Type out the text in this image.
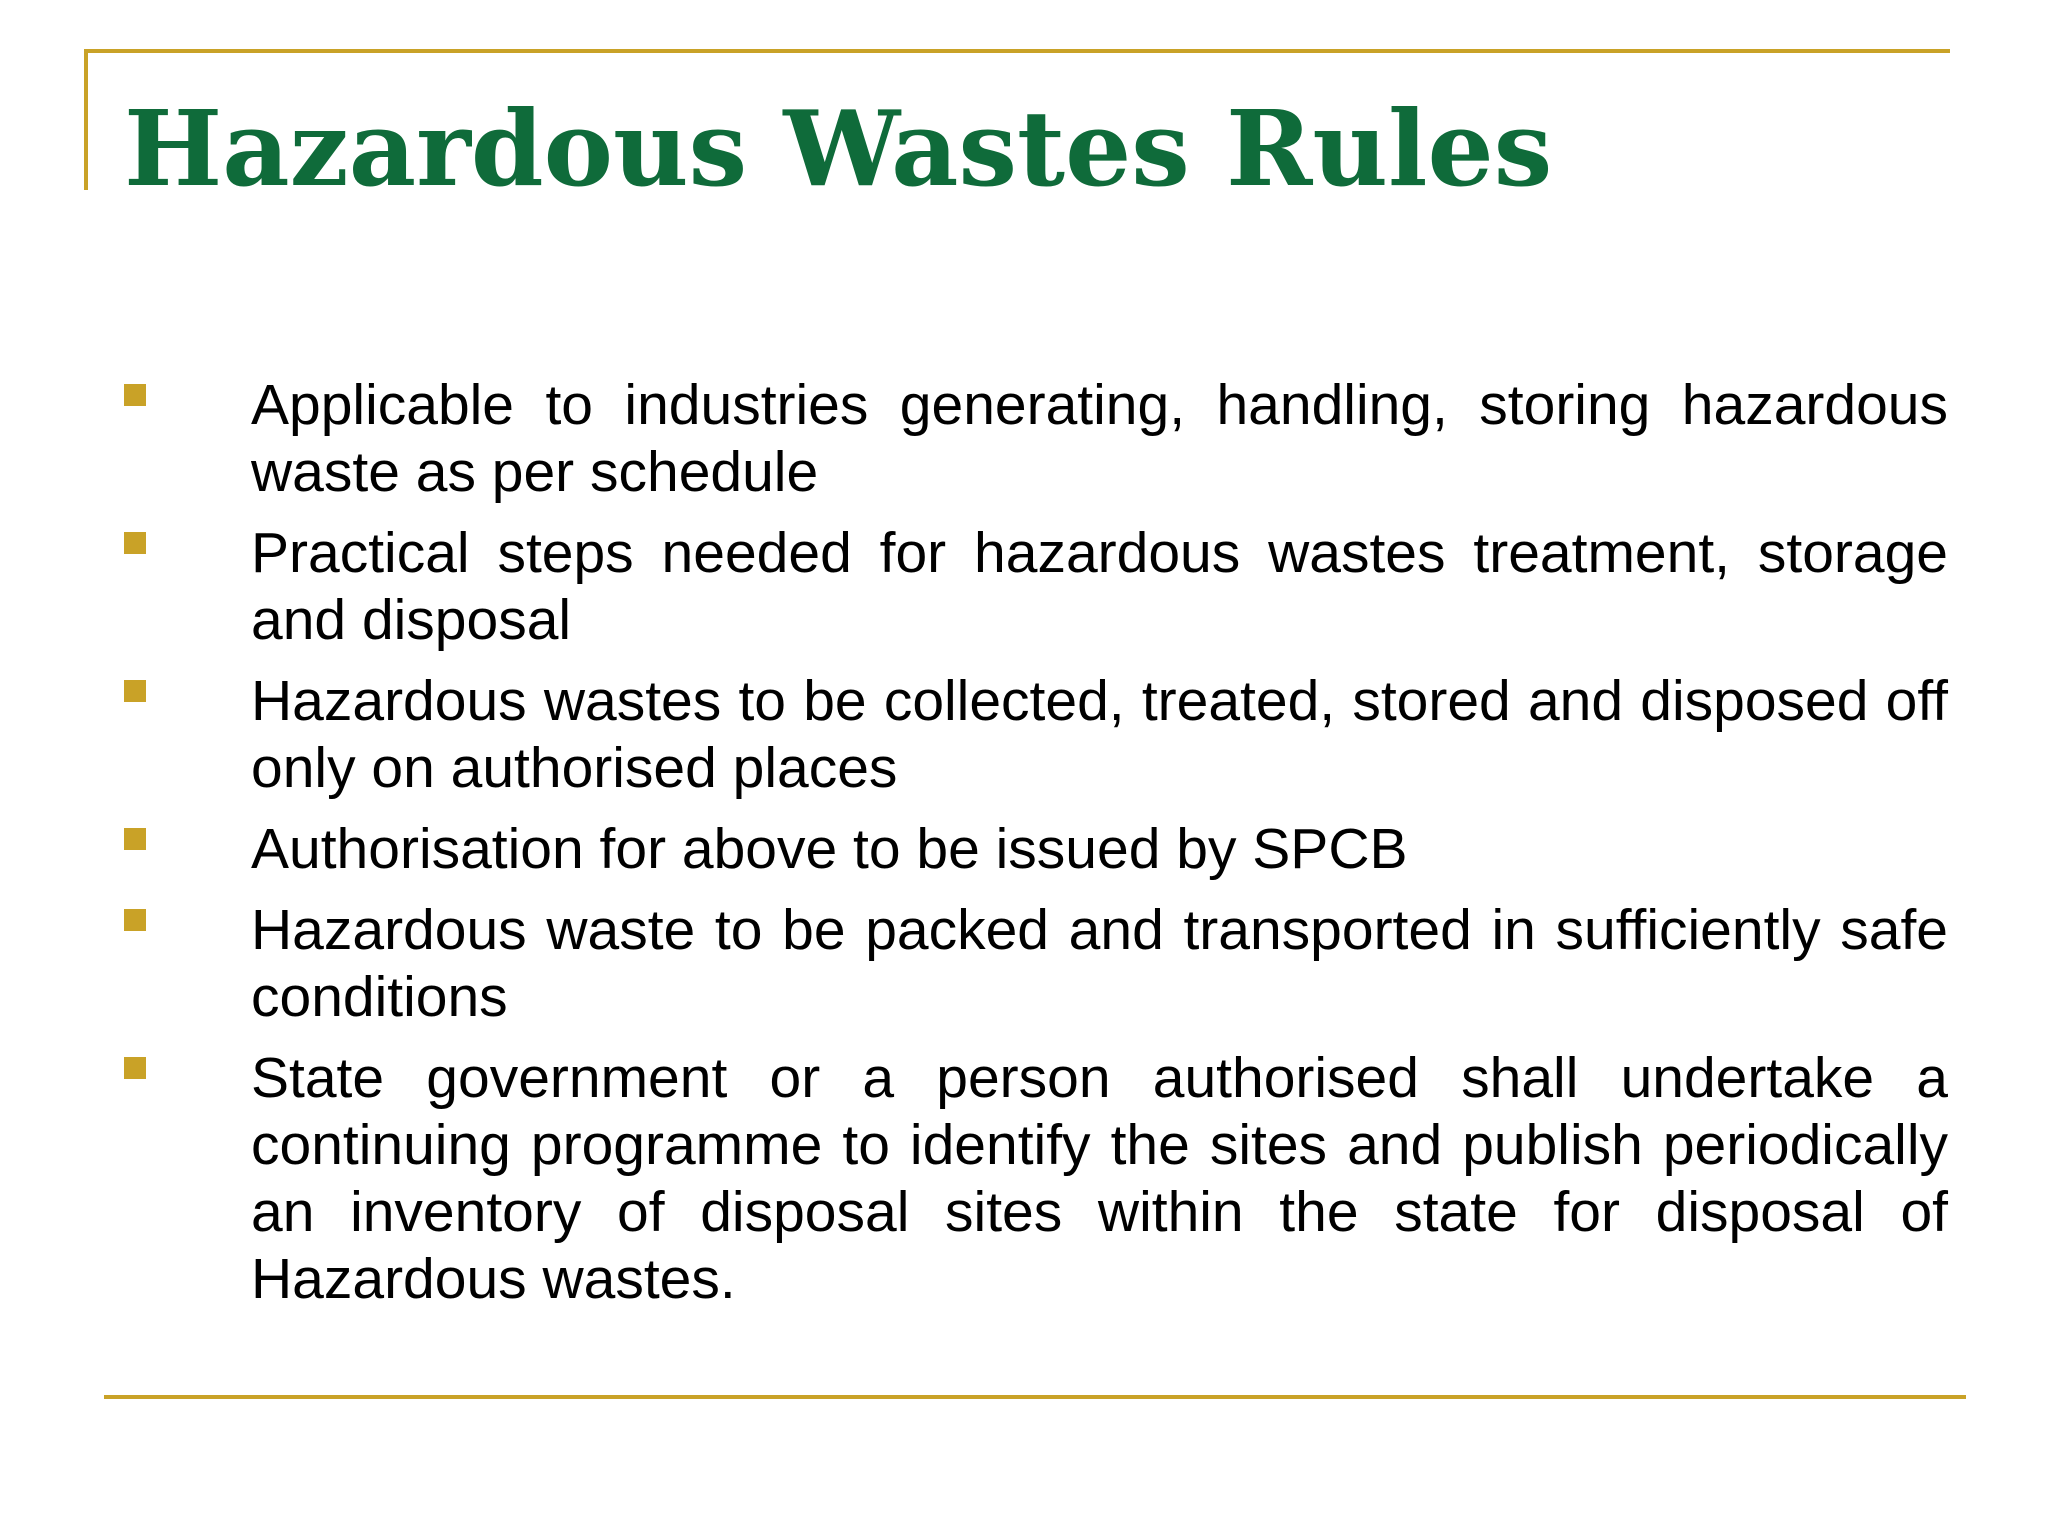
Hazardous Wastes Rules
Applicable to industries generating, handling, storing hazardous waste as per schedule
Practical steps needed for hazardous wastes treatment, storage and disposal
Hazardous wastes to be collected, treated, stored and disposed off only on authorised places
Authorisation for above to be issued by SPCB
Hazardous waste to be packed and transported in sufficiently safe conditions
State government or a person authorised shall undertake a continuing programme to identify the sites and publish periodically an inventory of disposal sites within the state for disposal of Hazardous wastes.
